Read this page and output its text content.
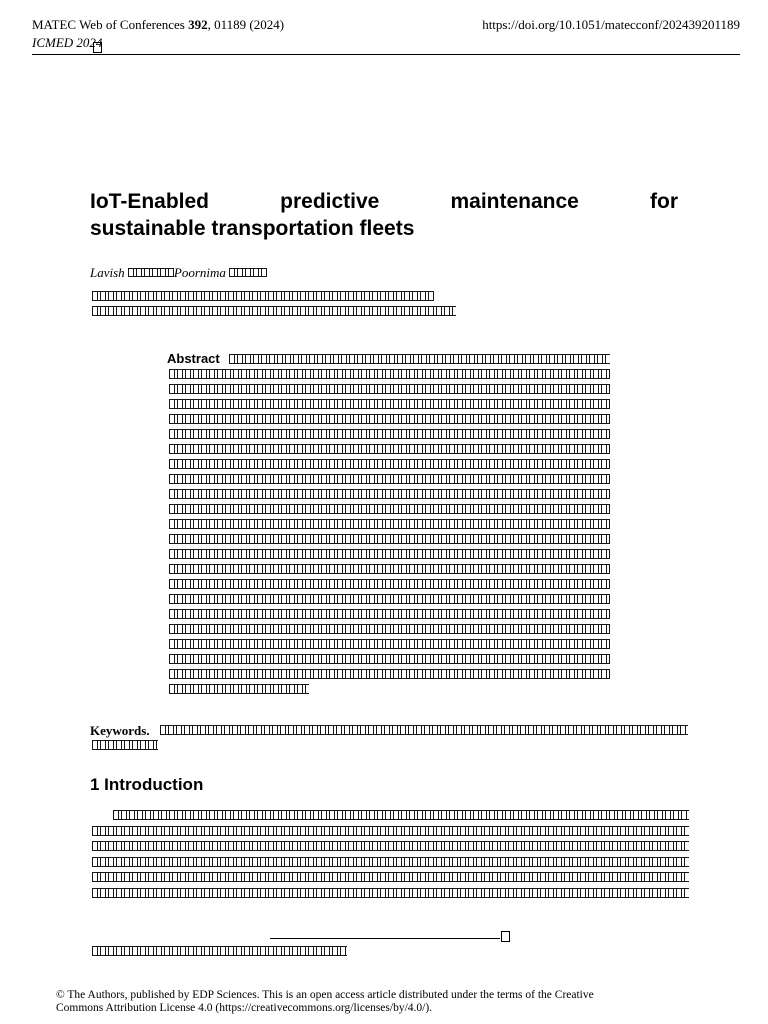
MATEC Web of Conferences 392, 01189 (2024)	https://doi.org/10.1051/matecconf/202439201189
ICMED 2024
IoT-Enabled predictive maintenance for
sustainable transportation fleets
Lavish	Poornima
Abstract
Keywords.
1 Introduction
© The Authors, published by EDP Sciences. This is an open access article distributed under the terms of the Creative
Commons Attribution License 4.0 (https://creativecommons.org/licenses/by/4.0/).
